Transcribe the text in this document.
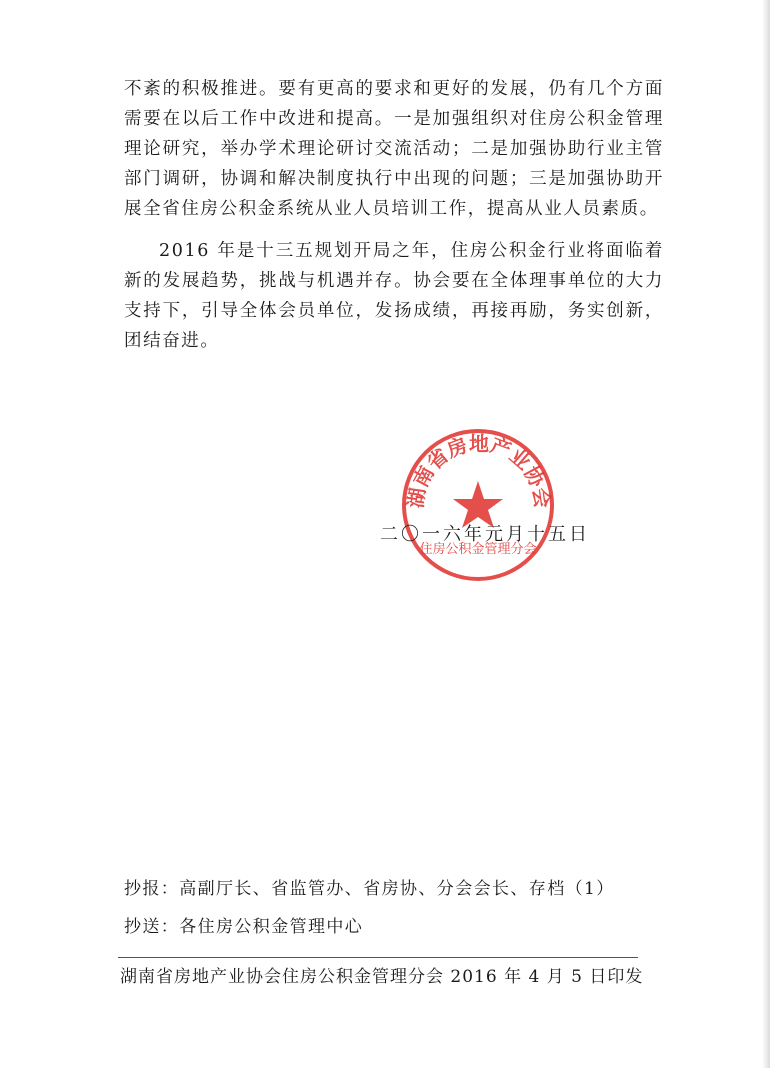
不紊的积极推进。要有更高的要求和更好的发展，仍有几个方面需要在以后工作中改进和提高。一是加强组织对住房公积金管理理论研究，举办学术理论研讨交流活动；二是加强协助行业主管部门调研，协调和解决制度执行中出现的问题；三是加强协助开展全省住房公积金系统从业人员培训工作，提高从业人员素质。

2016 年是十三五规划开局之年，住房公积金行业将面临着新的发展趋势，挑战与机遇并存。协会要在全体理事单位的大力支持下，引导全体会员单位，发扬成绩，再接再励，务实创新，团结奋进。

湖南省房地产业协会
住房公积金管理分会
二〇一六年元月十五日
抄报：高副厅长、省监管办、省房协、分会会长、存档（1）
抄送：各住房公积金管理中心
湖南省房地产业协会住房公积金管理分会 2016 年 4 月 5 日印发
